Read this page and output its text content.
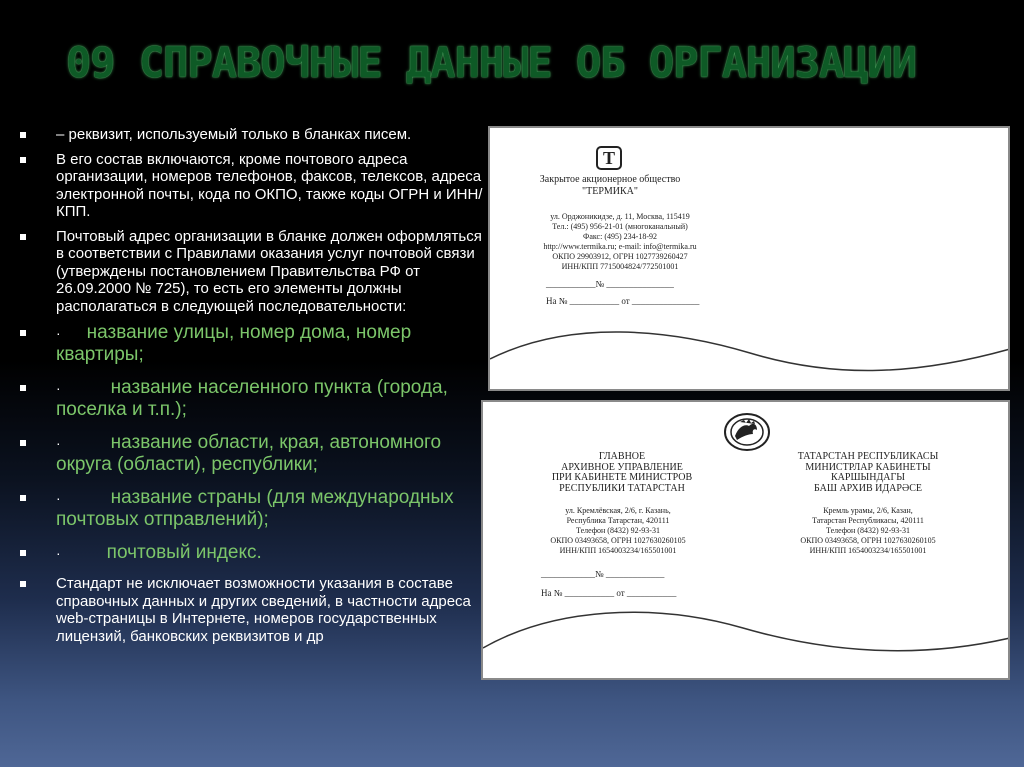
09 СПРАВОЧНЫЕ ДАННЫЕ ОБ ОРГАНИЗАЦИИ
– реквизит, используемый только в бланках писем.
В его состав включаются, кроме почтового адреса организации, номеров телефонов, факсов, телексов, адреса электронной почты, кода по ОКПО, также коды ОГРН и ИНН/КПП.
Почтовый адрес организации в бланке должен оформляться в соответствии с Правилами оказания услуг почтовой связи (утверждены постановлением Правительства РФ от 26.09.2000 № 725), то есть его элементы должны располагаться в следующей последовательности:
· название улицы, номер дома, номер квартиры;
·	название населенного пункта (города, поселка и т.п.);
·	название области, края, автономного округа (области), республики;
·	название страны (для международных почтовых отправлений);
· почтовый индекс.
Стандарт не исключает возможности указания в составе справочных данных и других сведений, в частности адреса web-страницы в Интернете, номеров государственных лицензий, банковских реквизитов и др
T
Закрытое акционерное общество
"ТЕРМИКА"
ул. Орджоникидзе, д. 11, Москва, 115419
Тел.: (495) 956-21-01 (многоканальный)
Факс: (495) 234-18-92
http://www.termika.ru; e-mail: info@termika.ru
ОКПО 29903912, ОГРН 1027739260427
ИНН/КПП 7715004824/772501001
___________№ _______________
На № ___________ от _______________
ГЛАВНОЕ
АРХИВНОЕ УПРАВЛЕНИЕ
ПРИ КАБИНЕТЕ МИНИСТРОВ
РЕСПУБЛИКИ ТАТАРСТАН
ул. Кремлёвская, 2/6, г. Казань,
Республика Татарстан, 420111
Телефон (8432) 92-93-31
ОКПО 03493658, ОГРН 1027630260105
ИНН/КПП 1654003234/165501001
ТАТАРСТАН РЕСПУБЛИКАСЫ
МИНИСТРЛАР КАБИНЕТЫ
КАРШЫНДАГЫ
БАШ АРХИВ ИДАРӘСЕ
Кремль урамы, 2/6, Казан,
Татарстан Республикасы, 420111
Телефон (8432) 92-93-31
ОКПО 03493658, ОГРН 1027630260105
ИНН/КПП 1654003234/165501001
____________№ _____________
На № ___________ от ___________
